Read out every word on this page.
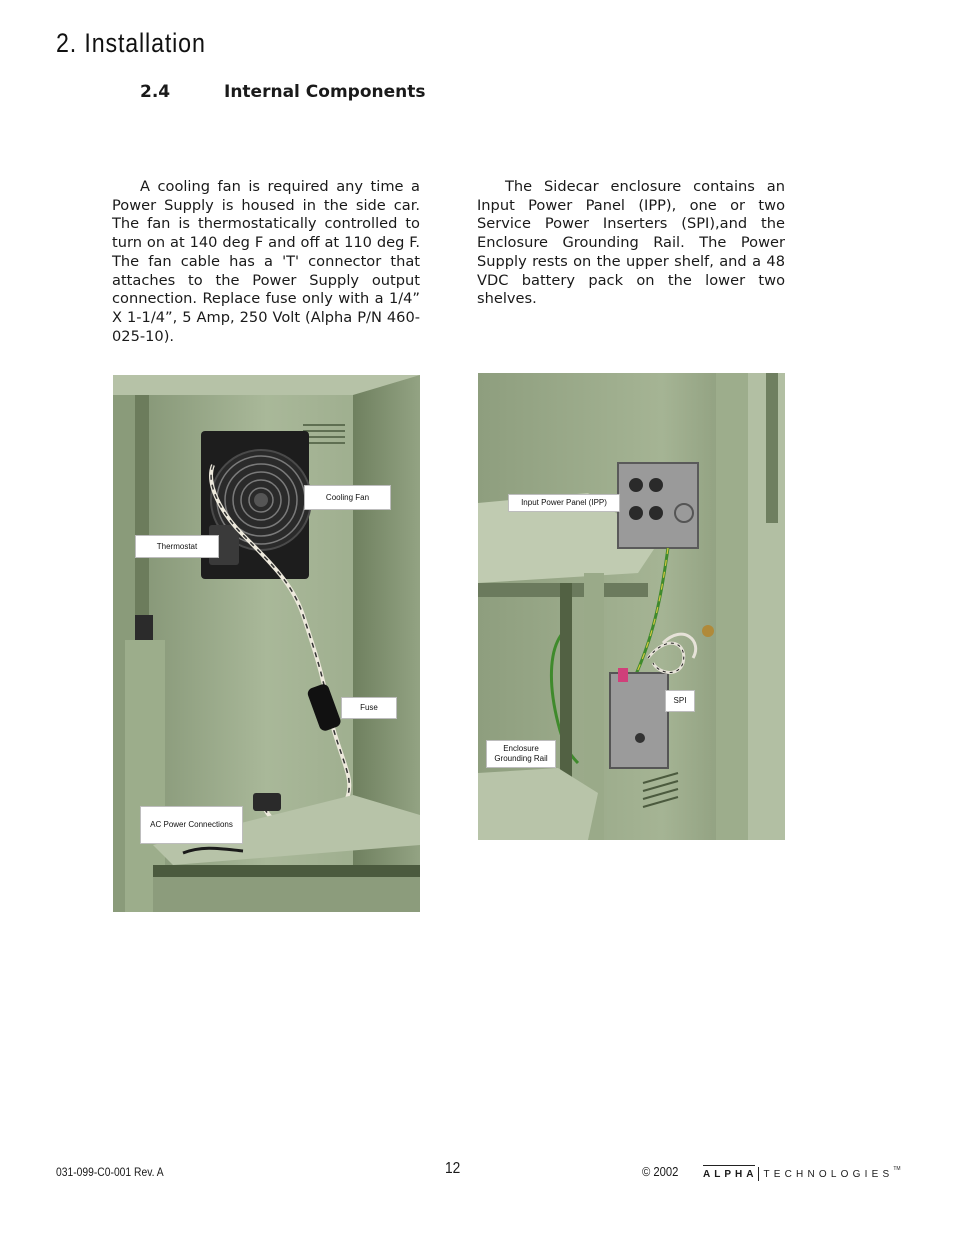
2. Installation
2.4	Internal Components

A cooling fan is required any time a Power Supply is housed in the side car. The fan is thermostatically controlled to turn on at 140 deg F and off at 110 deg F. The fan cable has a 'T' connector that attaches to the Power Supply output connection. Replace fuse only with a 1/4” X 1-1/4”, 5 Amp, 250 Volt (Alpha P/N 460-025-10).

The Sidecar enclosure contains an Input Power Panel (IPP), one or two Service Power Inserters (SPI),and the Enclosure Grounding Rail. The Power Supply rests on the upper shelf, and a 48 VDC battery pack on the lower two shelves.

Cooling Fan
Thermostat
Fuse
AC Power Connections
Input Power Panel (IPP)
SPI
Enclosure
Grounding Rail
031-099-C0-001 Rev. A	12	© 2002 ALPHA TECHNOLOGIES TM
